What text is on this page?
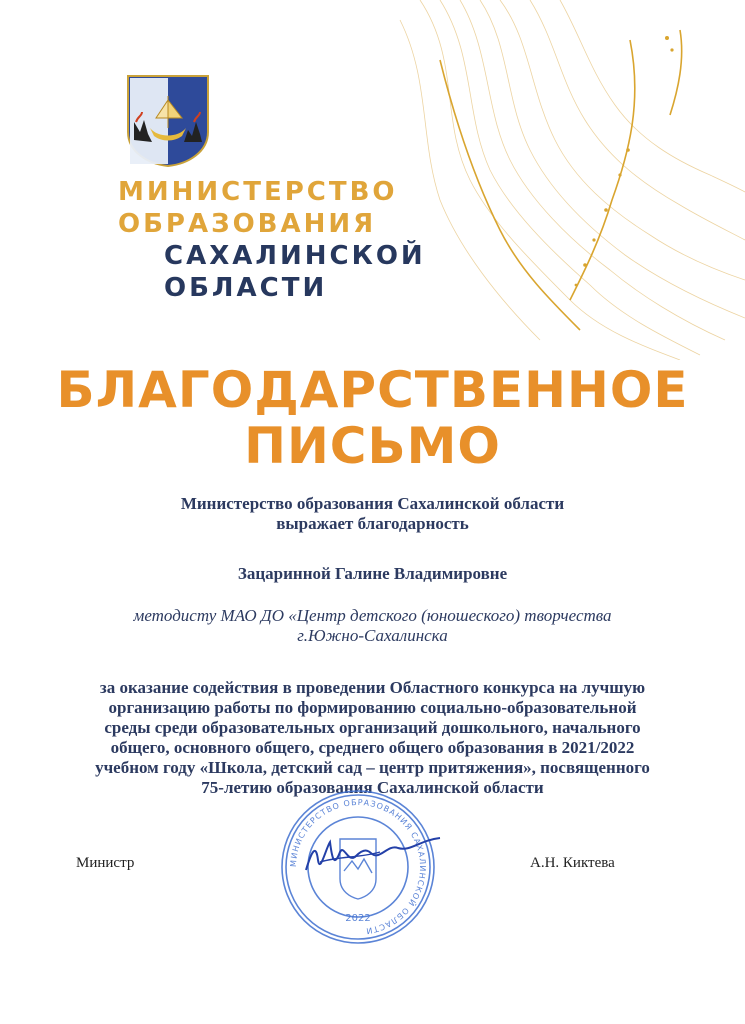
МИНИСТЕРСТВО
ОБРАЗОВАНИЯ
САХАЛИНСКОЙ
ОБЛАСТИ
БЛАГОДАРСТВЕННОЕ
ПИСЬМО
Министерство образования Сахалинской области
выражает благодарность
Зацаринной Галине Владимировне
методисту МАО ДО «Центр детского (юношеского) творчества
г.Южно-Сахалинска
за оказание содействия в проведении Областного конкурса на лучшую
организацию работы по формированию социально-образовательной
среды среди образовательных организаций дошкольного, начального
общего, основного общего, среднего общего образования в 2021/2022
учебном году «Школа, детский сад – центр притяжения», посвященного
75-летию образования Сахалинской области
Министр	А.Н. Киктева
МИНИСТЕРСТВО ОБРАЗОВАНИЯ САХАЛИНСКОЙ ОБЛАСТИ
2022
